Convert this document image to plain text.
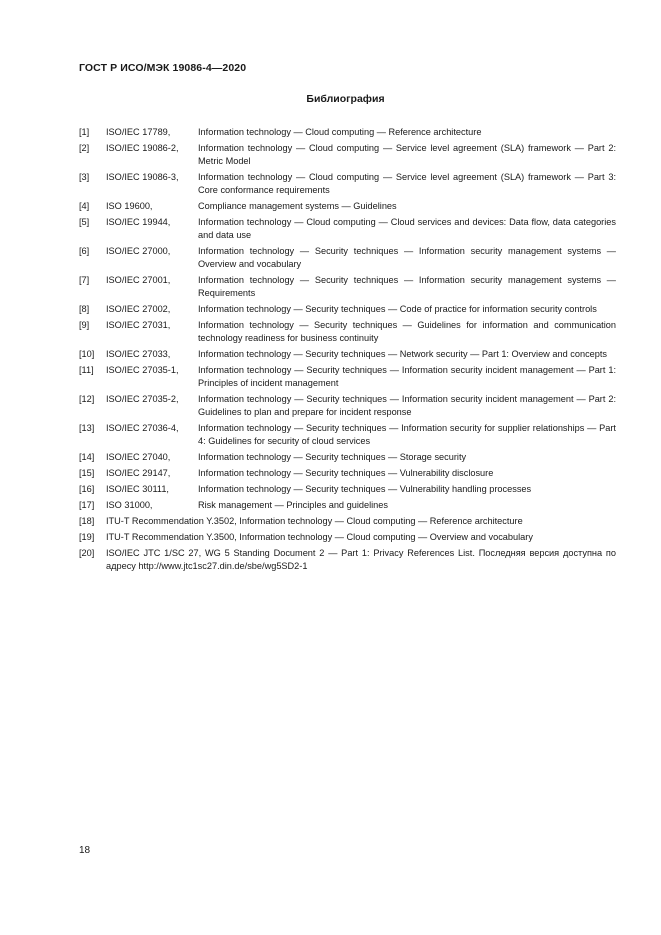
ГОСТ Р ИСО/МЭК 19086-4—2020
Библиография
[1] ISO/IEC 17789,	Information technology — Cloud computing — Reference architecture
[2] ISO/IEC 19086-2, Information technology — Cloud computing — Service level agreement (SLA) framework — Part 2: Metric Model
[3] ISO/IEC 19086-3, Information technology — Cloud computing — Service level agreement (SLA) framework — Part 3: Core conformance requirements
[4] ISO 19600,	Compliance management systems — Guidelines
[5] ISO/IEC 19944,	Information technology — Cloud computing — Cloud services and devices: Data flow, data categories and data use
[6] ISO/IEC 27000,	Information technology — Security techniques — Information security management systems — Overview and vocabulary
[7] ISO/IEC 27001,	Information technology — Security techniques — Information security management systems — Requirements
[8] ISO/IEC 27002,	Information technology — Security techniques — Code of practice for information security controls
[9] ISO/IEC 27031,	Information technology — Security techniques — Guidelines for information and communication technology readiness for business continuity
[10] ISO/IEC 27033,	Information technology — Security techniques — Network security — Part 1: Overview and concepts
[11] ISO/IEC 27035-1, Information technology — Security techniques — Information security incident management — Part 1: Principles of incident management
[12] ISO/IEC 27035-2, Information technology — Security techniques — Information security incident management — Part 2: Guidelines to plan and prepare for incident response
[13] ISO/IEC 27036-4, Information technology — Security techniques — Information security for supplier relationships — Part 4: Guidelines for security of cloud services
[14] ISO/IEC 27040,	Information technology — Security techniques — Storage security
[15] ISO/IEC 29147,	Information technology — Security techniques — Vulnerability disclosure
[16] ISO/IEC 30111,	Information technology — Security techniques — Vulnerability handling processes
[17] ISO 31000,	Risk management — Principles and guidelines
[18] ITU-T Recommendation Y.3502, Information technology — Cloud computing — Reference architecture
[19] ITU-T Recommendation Y.3500, Information technology — Cloud computing — Overview and vocabulary
[20] ISO/IEC JTC 1/SC 27, WG 5 Standing Document 2 — Part 1: Privacy References List. Последняя версия доступна по адресу http://www.jtc1sc27.din.de/sbe/wg5SD2-1
18
